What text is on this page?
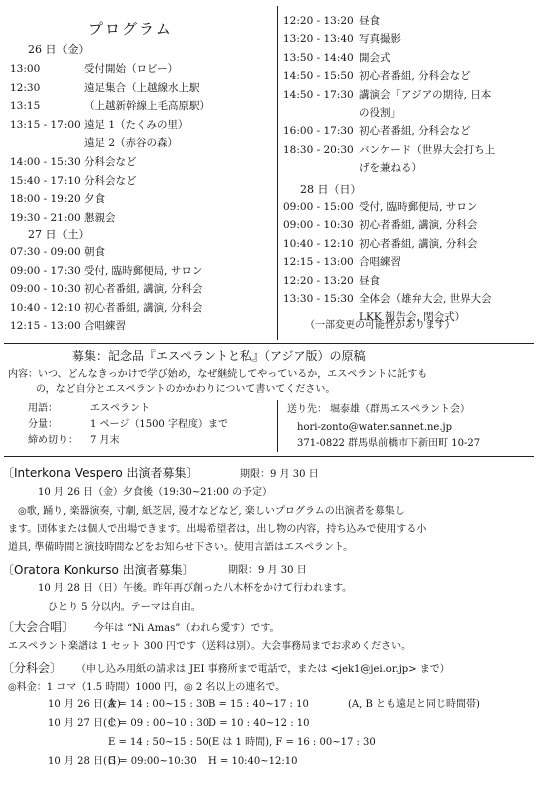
プログラム
26 日（金）
13:00	受付開始（ロビー）
12:30	遠足集合（上越線水上駅
13:15	（上越新幹線上毛高原駅）
13:15 - 17:00 遠足 1（たくみの里）
遠足 2（赤谷の森）
14:00 - 15:30 分科会など
15:40 - 17:10 分科会など
18:00 - 19:20 夕食
19:30 - 21:00 懇親会
27 日（土）
07:30 - 09:00 朝食
09:00 - 17:30 受付, 臨時郵便局, サロン
09:00 - 10:30 初心者番組, 講演, 分科会
10:40 - 12:10 初心者番組, 講演, 分科会
12:15 - 13:00 合唱練習
12:20 - 13:20 昼食
13:20 - 13:40 写真撮影
13:50 - 14:40 開会式
14:50 - 15:50 初心者番組, 分科会など
14:50 - 17:30 講演会「アジアの期待, 日本
の役割」
16:00 - 17:30 初心者番組, 分科会など
18:30 - 20:30 バンケード（世界大会打ち上
げを兼ねる）
28 日（日）
09:00 - 15:00 受付, 臨時郵便局, サロン
09:00 - 10:30 初心者番組, 講演, 分科会
10:40 - 12:10 初心者番組, 講演, 分科会
12:15 - 13:00 合唱練習
12:20 - 13:20 昼食
13:30 - 15:30 全体会（雄弁大会, 世界大会
LKK 報告会, 閉会式）
（一部変更の可能性があります）
募集：記念品『エスペラントと私』（アジア版）の原稿
内容：いつ、どんなきっかけで学び始め，なぜ継続してやっているか，エスペラントに託すも
の，など自分とエスペラントのかかわりについて書いてください。
用語：	エスペラント
分量：	1 ページ（1500 字程度）まで
締め切り： 7 月末
送り先： 堀泰雄（群馬エスペラント会）
hori-zonto@water.sannet.ne.jp
371-0822 群馬県前橋市下新田町 10-27
〔Interkona Vespero 出演者募集〕	期限：9 月 30 日
10 月 26 日（金）夕食後（19:30~21:00 の予定）
◎歌, 踊り, 楽器演奏, 寸劇, 紙芝居, 漫才などなど, 楽しいプログラムの出演者を募集し
ます。団体または個人で出場できます。出場希望者は，出し物の内容，持ち込みで使用する小
道具, 準備時間と演技時間などをお知らせ下さい。使用言語はエスペラント。
〔Oratora Konkurso 出演者募集〕	期限：9 月 30 日
10 月 28 日（日）午後。昨年再び創った八木杯をかけて行われます。
ひとり 5 分以内。テーマは自由。
〔大会合唱〕 今年は “Ni Amas”（われら愛す）です。
エスペラント楽譜は 1 セット 300 円です（送料は別）。大会事務局までお求めください。
〔分科会〕 （申し込み用紙の請求は JEI 事務所まで電話で，または <jek1@jei.or.jp> まで）
◎料金：1 コマ（1.5 時間）1000 円，◎ 2 名以上の連名で。
10 月 26 日(金)
A = 14 : 00~15 : 30 B = 15 : 40~17 : 10	(A, B とも遠足と同じ時間帯)
10 月 27 日(土)
C = 09 : 00~10 : 30
D = 10 : 40~12 : 10
E = 14 : 50~15 : 50 (E は 1 時間), F = 16 : 00~17 : 30
10 月 28 日(日)
G = 09:00~10:30 H = 10:40~12:10
